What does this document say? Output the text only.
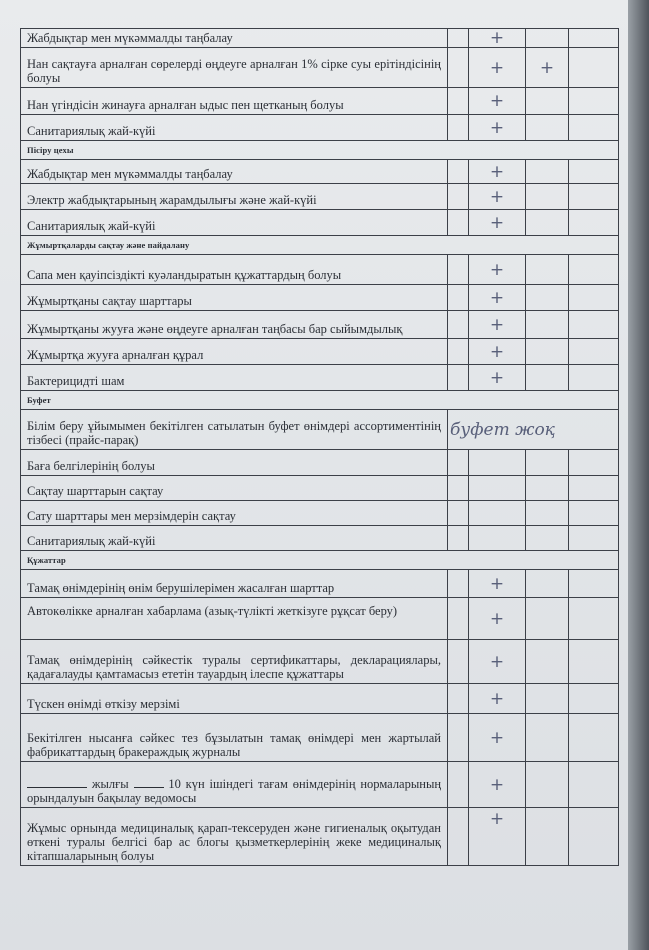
Жабдықтар мен мүкәммалды таңбалау		+		
Нан сақтауға арналған сөрелерді өңдеуге арналған 1% сірке суы ерітіндісінің болуы		+	+	
Нан үгіндісін жинауға арналған ыдыс пен щетканың болуы		+		
Санитариялық жай-күйі		+		
Пісіру цехы				
Жабдықтар мен мүкәммалды таңбалау		+		
Электр жабдықтарының жарамдылығы және жай-күйі		+		
Санитариялық жай-күйі		+		
Жұмыртқаларды сақтау және пайдалану				
Сапа мен қауіпсіздікті куәландыратын құжаттардың болуы		+		
Жұмыртқаны сақтау шарттары		+		
Жұмыртқаны жууға және өңдеуге арналған таңбасы бар сыйымдылық		+		
Жұмыртқа жууға арналған құрал		+		
Бактерицидті шам		+		
Буфет				
Білім беру ұйымымен бекітілген сатылатын буфет өнімдері ассортиментінің тізбесі (прайс-парақ)	буфет жоқ			
Баға белгілерінің болуы				
Сақтау шарттарын сақтау				
Сату шарттары мен мерзімдерін сақтау				
Санитариялық жай-күйі				
Құжаттар				
Тамақ өнімдерінің өнім берушілерімен жасалған шарттар		+		
Автокөлікке арналған хабарлама (азық-түлікті жеткізуге рұқсат беру)		+		
Тамақ өнімдерінің сәйкестік туралы сертификаттары, декларациялары, қадағалауды қамтамасыз ететін тауардың ілеспе құжаттары		+		
Түскен өнімді өткізу мерзімі		+		
Бекітілген нысанға сәйкес тез бұзылатын тамақ өнімдері мен жартылай фабрикаттардың бракераждық журналы		+		
жылғы 10 күн ішіндегі тағам өнімдерінің нормаларының орындалуын бақылау ведомосы		+		
Жұмыс орнында медициналық қарап-тексеруден және гигиеналық оқытудан өткені туралы белгісі бар ас блогы қызметкерлерінің жеке медициналық кітапшаларының болуы		+		
